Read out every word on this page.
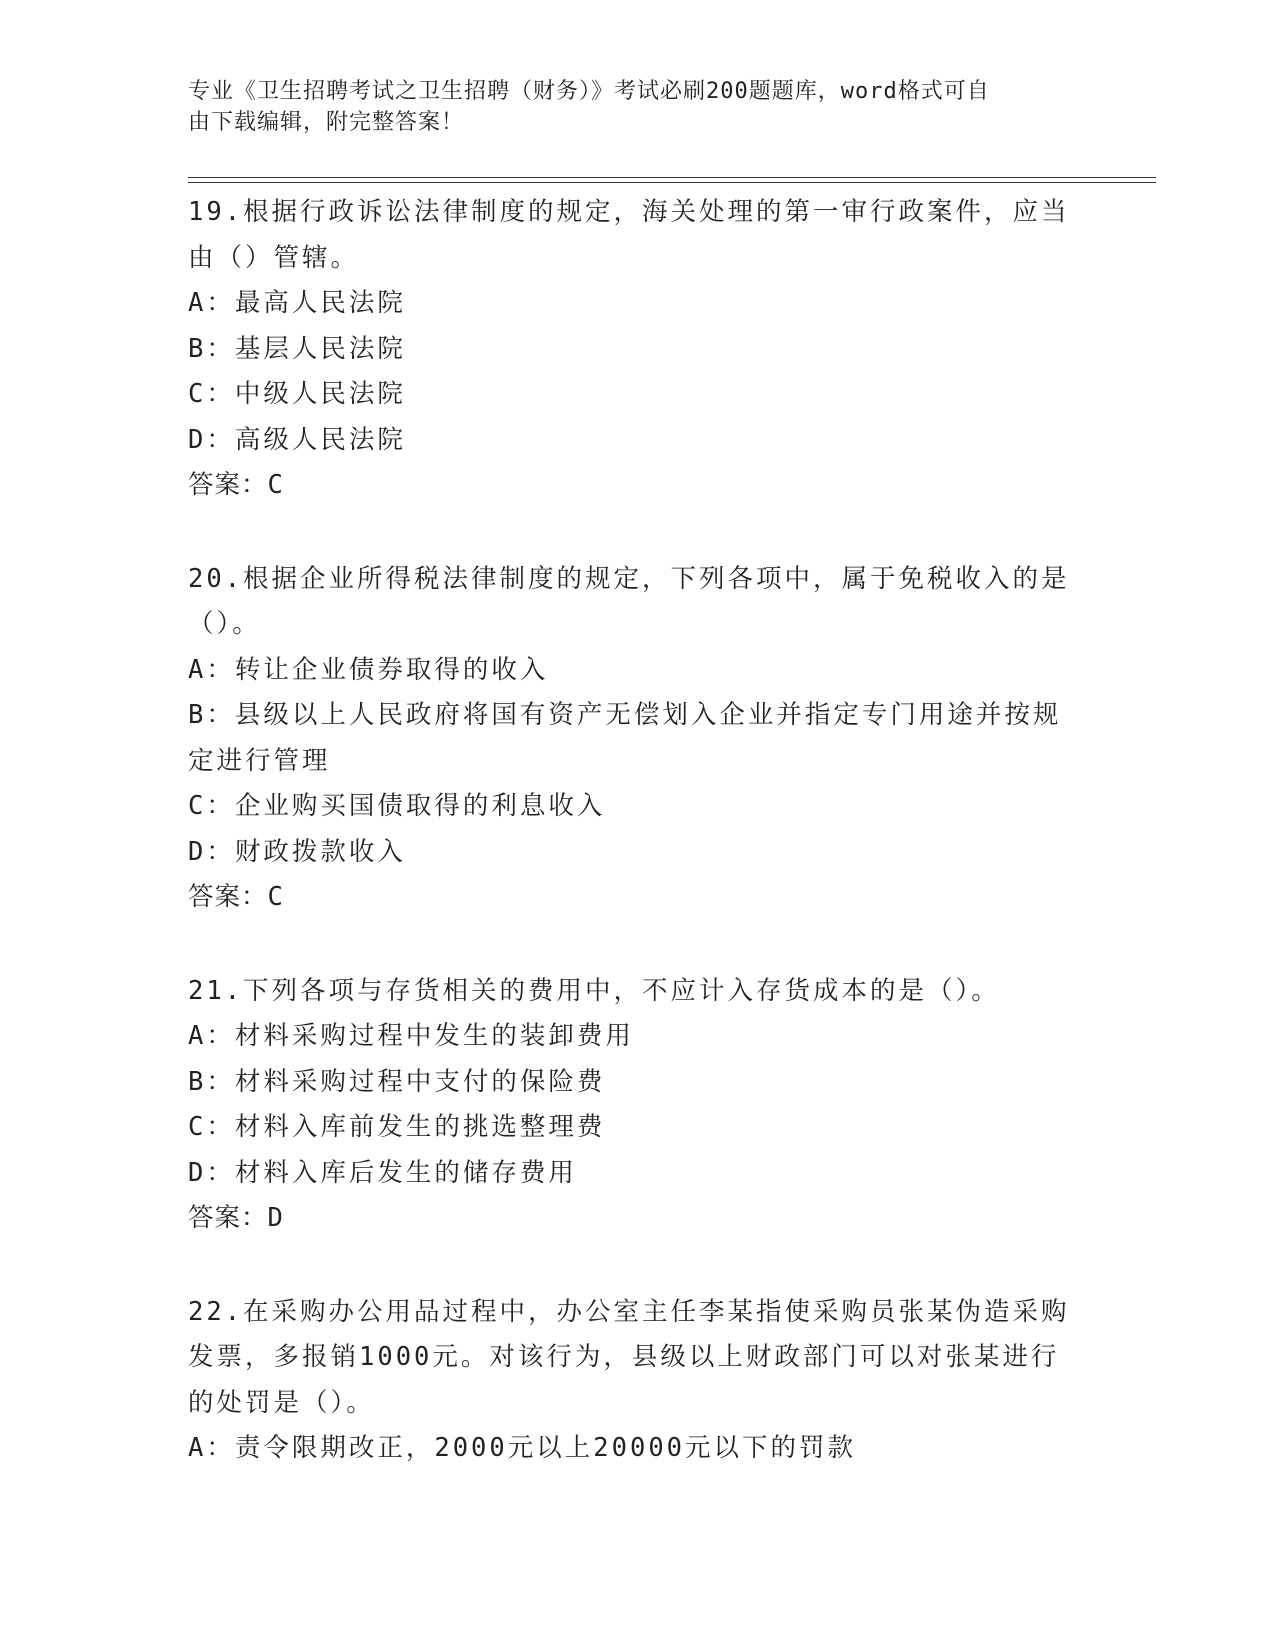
专业《卫生招聘考试之卫生招聘（财务）》考试必刷200题题库，word格式可自
由下载编辑，附完整答案！
19.根据行政诉讼法律制度的规定，海关处理的第一审行政案件，应当
由（）管辖。
A：最高人民法院
B：基层人民法院
C：中级人民法院
D：高级人民法院
答案：C
20.根据企业所得税法律制度的规定，下列各项中，属于免税收入的是
（）。
A：转让企业债券取得的收入
B：县级以上人民政府将国有资产无偿划入企业并指定专门用途并按规
定进行管理
C：企业购买国债取得的利息收入
D：财政拨款收入
答案：C
21.下列各项与存货相关的费用中，不应计入存货成本的是（）。
A：材料采购过程中发生的装卸费用
B：材料采购过程中支付的保险费
C：材料入库前发生的挑选整理费
D：材料入库后发生的储存费用
答案：D
22.在采购办公用品过程中，办公室主任李某指使采购员张某伪造采购
发票，多报销1000元。对该行为，县级以上财政部门可以对张某进行
的处罚是（）。
A：责令限期改正，2000元以上20000元以下的罚款
